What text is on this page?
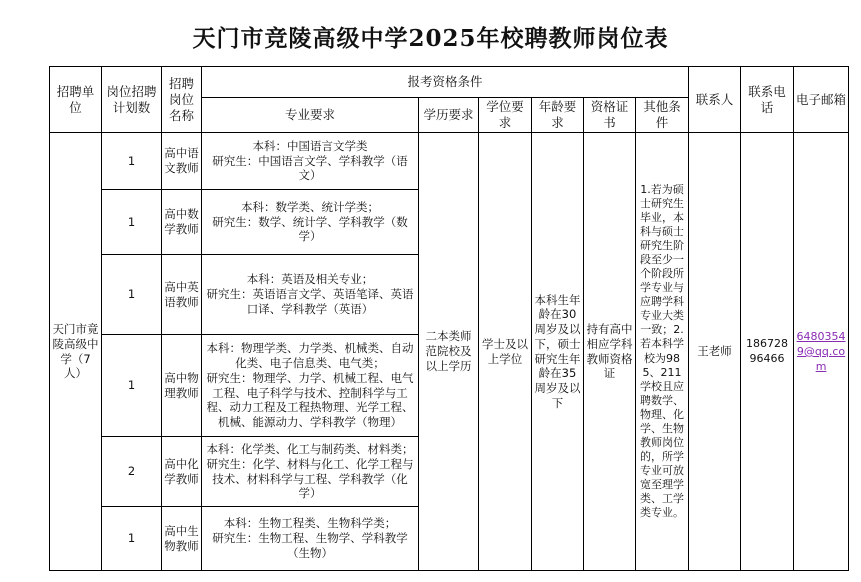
天门市竞陵高级中学2025年校聘教师岗位表
招聘单位	岗位招聘计划数	招聘岗位名称	报考资格条件						联系人	联系电话	电子邮箱
			专业要求	学历要求	学位要求	年龄要求	资格证书	其他条件			
天门市竟陵高级中学（7人）	1	高中语文教师	本科：中国语言文学类
研究生：中国语言文学、学科教学（语文）	二本类师范院校及以上学历	学士及以上学位	本科生年龄在30周岁及以下，硕士研究生年龄在35周岁及以下	持有高中相应学科教师资格证	1.若为硕士研究生毕业，本科与硕士研究生阶段至少一个阶段所学专业与应聘学科专业大类一致；2.若本科学校为985、211学校且应聘数学、物理、化学、生物教师岗位的，所学专业可放宽至理学类、工学类专业。	王老师	18672896466	64803549@qq.com
	1	高中数学教师	本科：数学类、统计学类；
研究生：数学、统计学、学科教学（数学）								
	1	高中英语教师	本科：英语及相关专业；
研究生：英语语言文学、英语笔译、英语口译、学科教学（英语）								
	1	高中物理教师	本科：物理学类、力学类、机械类、自动化类、电子信息类、电气类；
研究生：物理学、力学、机械工程、电气工程、电子科学与技术、控制科学与工程、动力工程及工程热物理、光学工程、机械、能源动力、学科教学（物理）								
	2	高中化学教师	本科：化学类、化工与制药类、材料类；
研究生：化学、材料与化工、化学工程与技术、材料科学与工程、学科教学（化学）								
	1	高中生物教师	本科：生物工程类、生物科学类；
研究生：生物工程、生物学、学科教学（生物）								
